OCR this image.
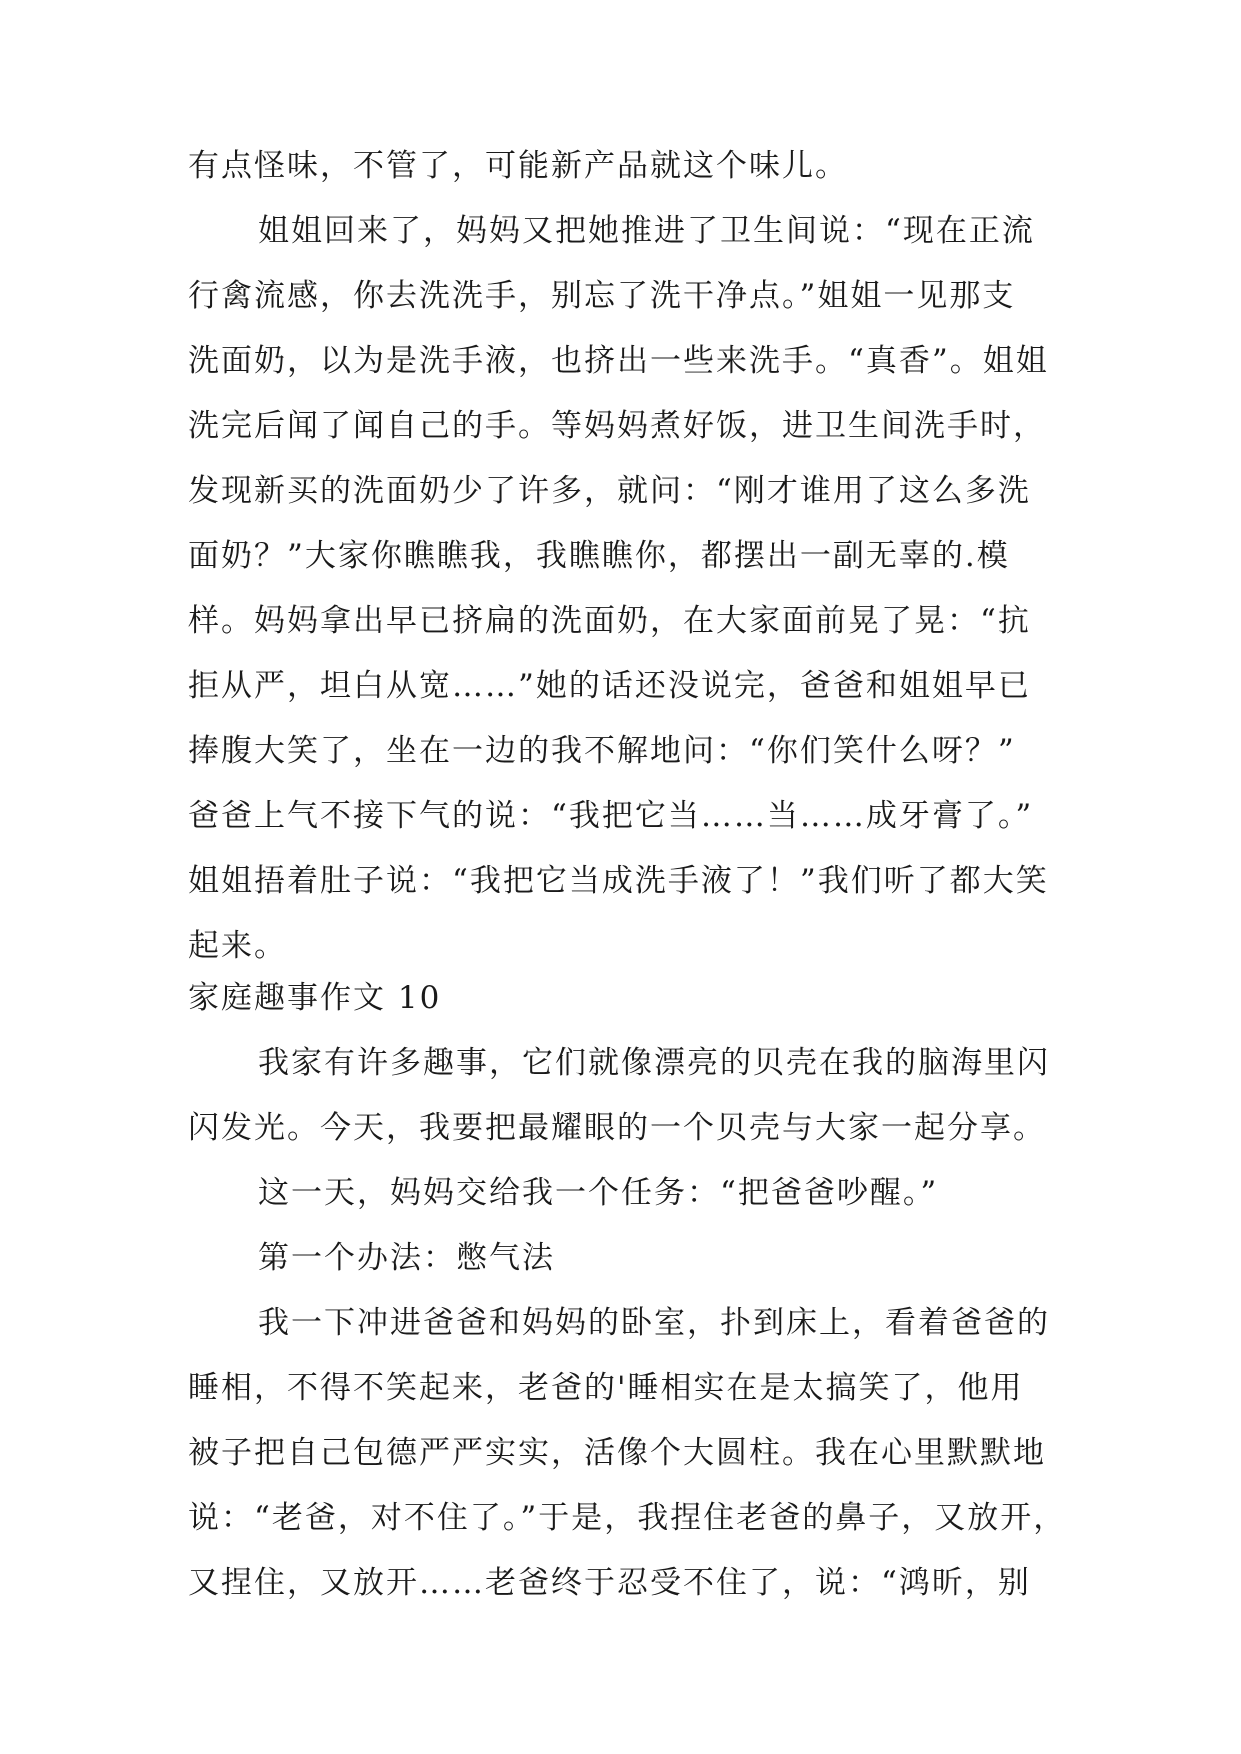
有点怪味，不管了，可能新产品就这个味儿。
姐姐回来了，妈妈又把她推进了卫生间说：“现在正流
行禽流感，你去洗洗手，别忘了洗干净点。”姐姐一见那支
洗面奶，以为是洗手液，也挤出一些来洗手。“真香”。姐姐
洗完后闻了闻自己的手。等妈妈煮好饭，进卫生间洗手时，
发现新买的洗面奶少了许多，就问：“刚才谁用了这么多洗
面奶？”大家你瞧瞧我，我瞧瞧你，都摆出一副无辜的.模
样。妈妈拿出早已挤扁的洗面奶，在大家面前晃了晃：“抗
拒从严，坦白从宽……”她的话还没说完，爸爸和姐姐早已
捧腹大笑了，坐在一边的我不解地问：“你们笑什么呀？”
爸爸上气不接下气的说：“我把它当……当……成牙膏了。”
姐姐捂着肚子说：“我把它当成洗手液了！”我们听了都大笑
起来。
家庭趣事作文 10
我家有许多趣事，它们就像漂亮的贝壳在我的脑海里闪
闪发光。今天，我要把最耀眼的一个贝壳与大家一起分享。
这一天，妈妈交给我一个任务：“把爸爸吵醒。”
第一个办法：憋气法
我一下冲进爸爸和妈妈的卧室，扑到床上，看着爸爸的
睡相，不得不笑起来，老爸的'睡相实在是太搞笑了，他用
被子把自己包德严严实实，活像个大圆柱。我在心里默默地
说：“老爸，对不住了。”于是，我捏住老爸的鼻子，又放开，
又捏住，又放开……老爸终于忍受不住了，说：“鸿昕，别
